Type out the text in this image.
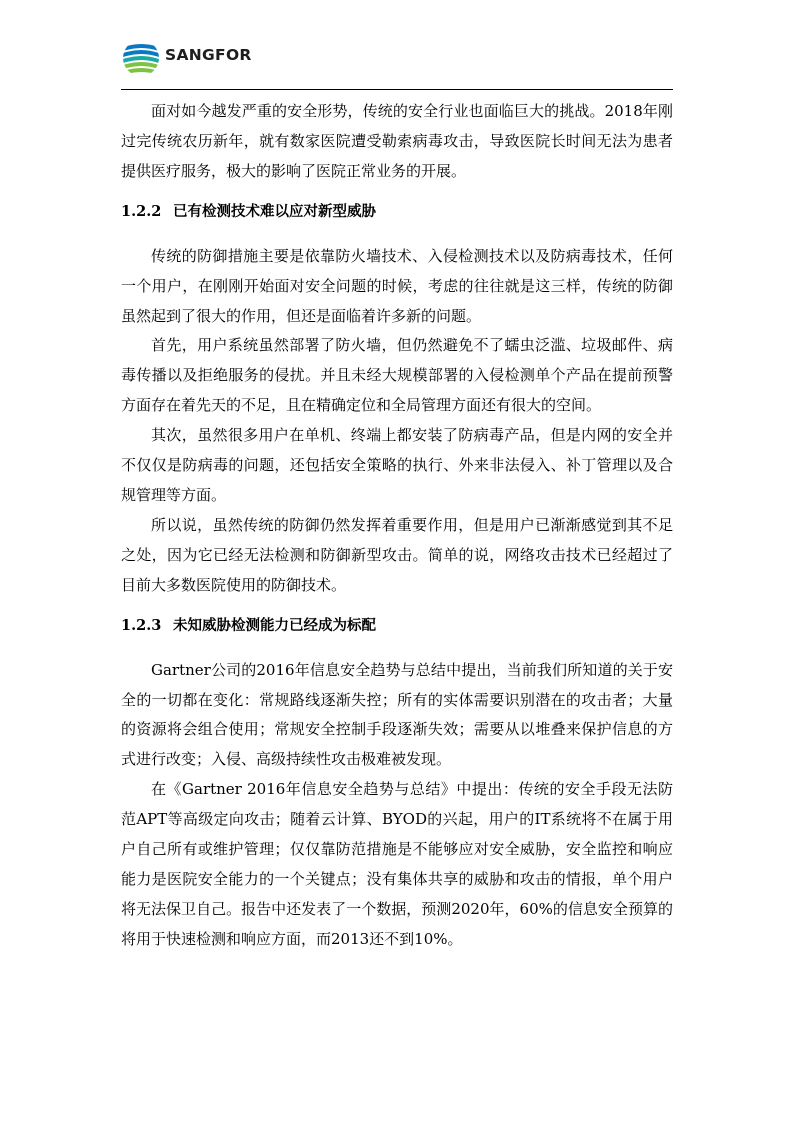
SANGFOR

面对如今越发严重的安全形势，传统的安全行业也面临巨大的挑战。2018年刚过完传统农历新年，就有数家医院遭受勒索病毒攻击，导致医院长时间无法为患者提供医疗服务，极大的影响了医院正常业务的开展。

1.2.2 已有检测技术难以应对新型威胁

传统的防御措施主要是依靠防火墙技术、入侵检测技术以及防病毒技术，任何一个用户，在刚刚开始面对安全问题的时候，考虑的往往就是这三样，传统的防御虽然起到了很大的作用，但还是面临着许多新的问题。

首先，用户系统虽然部署了防火墙，但仍然避免不了蠕虫泛滥、垃圾邮件、病毒传播以及拒绝服务的侵扰。并且未经大规模部署的入侵检测单个产品在提前预警方面存在着先天的不足，且在精确定位和全局管理方面还有很大的空间。

其次，虽然很多用户在单机、终端上都安装了防病毒产品，但是内网的安全并不仅仅是防病毒的问题，还包括安全策略的执行、外来非法侵入、补丁管理以及合规管理等方面。

所以说，虽然传统的防御仍然发挥着重要作用，但是用户已渐渐感觉到其不足之处，因为它已经无法检测和防御新型攻击。简单的说，网络攻击技术已经超过了目前大多数医院使用的防御技术。

1.2.3 未知威胁检测能力已经成为标配

Gartner公司的2016年信息安全趋势与总结中提出，当前我们所知道的关于安全的一切都在变化：常规路线逐渐失控；所有的实体需要识别潜在的攻击者；大量的资源将会组合使用；常规安全控制手段逐渐失效；需要从以堆叠来保护信息的方式进行改变；入侵、高级持续性攻击极难被发现。

在《Gartner 2016年信息安全趋势与总结》中提出：传统的安全手段无法防范APT等高级定向攻击；随着云计算、BYOD的兴起，用户的IT系统将不在属于用户自己所有或维护管理；仅仅靠防范措施是不能够应对安全威胁，安全监控和响应能力是医院安全能力的一个关键点；没有集体共享的威胁和攻击的情报，单个用户将无法保卫自己。报告中还发表了一个数据，预测2020年，60%的信息安全预算的将用于快速检测和响应方面，而2013还不到10%。
